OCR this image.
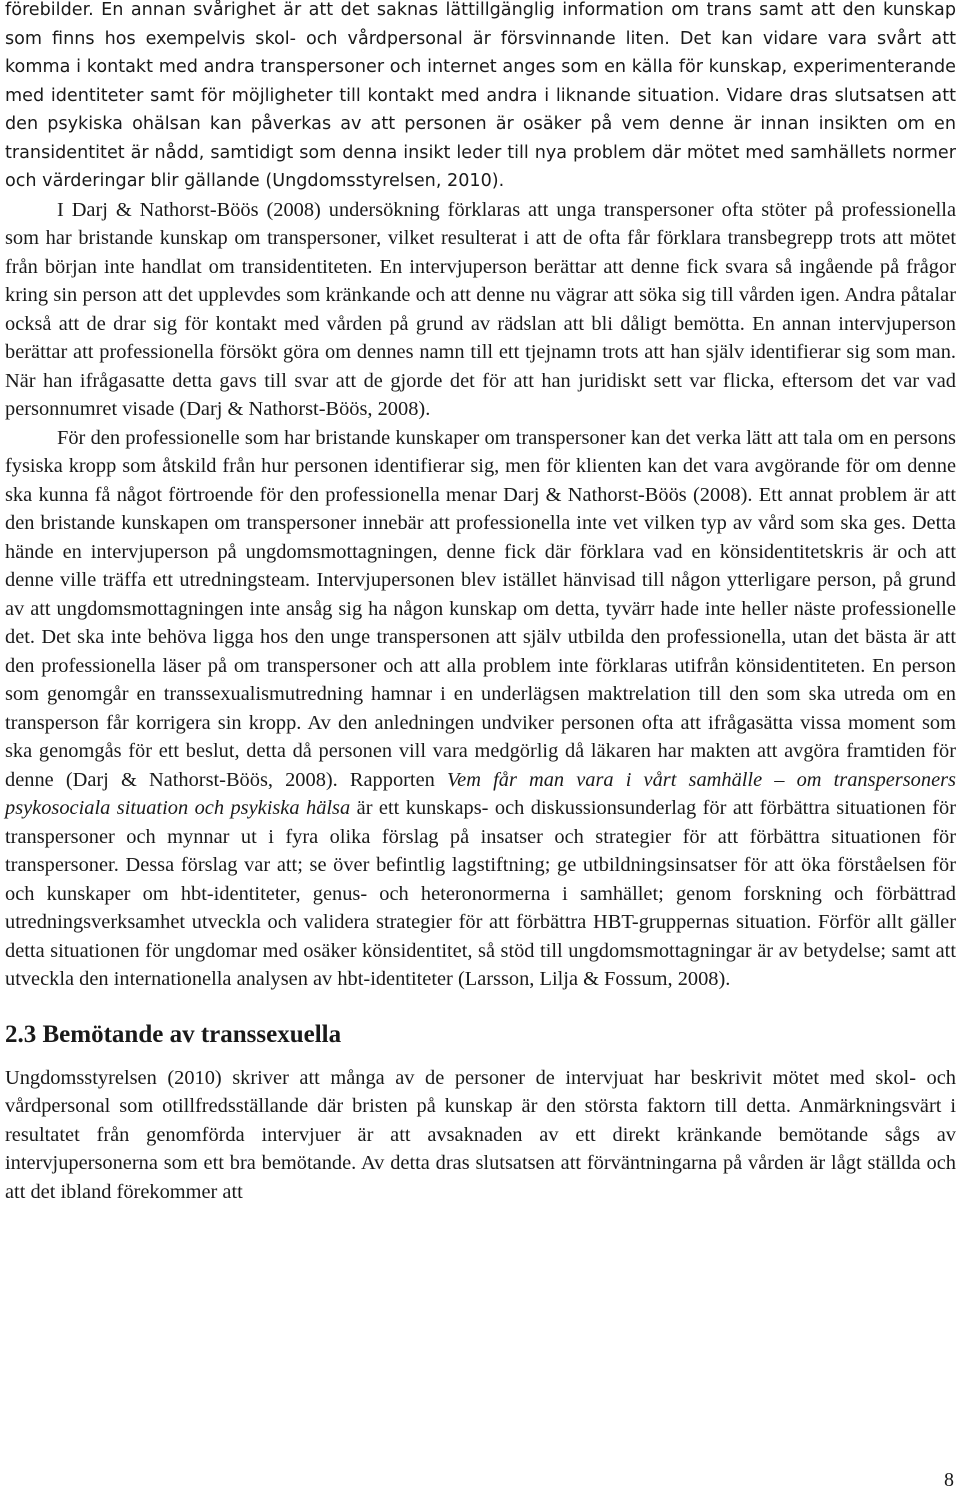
förebilder. En annan svårighet är att det saknas lättillgänglig information om trans samt att den kunskap som finns hos exempelvis skol- och vårdpersonal är försvinnande liten. Det kan vidare vara svårt att komma i kontakt med andra transpersoner och internet anges som en källa för kunskap, experimenterande med identiteter samt för möjligheter till kontakt med andra i liknande situation. Vidare dras slutsatsen att den psykiska ohälsan kan påverkas av att personen är osäker på vem denne är innan insikten om en transidentitet är nådd, samtidigt som denna insikt leder till nya problem där mötet med samhällets normer och värderingar blir gällande (Ungdomsstyrelsen, 2010).

I Darj & Nathorst-Böös (2008) undersökning förklaras att unga transpersoner ofta stöter på professionella som har bristande kunskap om transpersoner, vilket resulterat i att de ofta får förklara transbegrepp trots att mötet från början inte handlat om transidentiteten. En intervjuperson berättar att denne fick svara så ingående på frågor kring sin person att det upplevdes som kränkande och att denne nu vägrar att söka sig till vården igen. Andra påtalar också att de drar sig för kontakt med vården på grund av rädslan att bli dåligt bemötta. En annan intervjuperson berättar att professionella försökt göra om dennes namn till ett tjejnamn trots att han själv identifierar sig som man. När han ifrågasatte detta gavs till svar att de gjorde det för att han juridiskt sett var flicka, eftersom det var vad personnumret visade (Darj & Nathorst-Böös, 2008).

För den professionelle som har bristande kunskaper om transpersoner kan det verka lätt att tala om en persons fysiska kropp som åtskild från hur personen identifierar sig, men för klienten kan det vara avgörande för om denne ska kunna få något förtroende för den professionella menar Darj & Nathorst-Böös (2008). Ett annat problem är att den bristande kunskapen om transpersoner innebär att professionella inte vet vilken typ av vård som ska ges. Detta hände en intervjuperson på ungdomsmottagningen, denne fick där förklara vad en könsidentitetskris är och att denne ville träffa ett utredningsteam. Intervjupersonen blev istället hänvisad till någon ytterligare person, på grund av att ungdomsmottagningen inte ansåg sig ha någon kunskap om detta, tyvärr hade inte heller näste professionelle det. Det ska inte behöva ligga hos den unge transpersonen att själv utbilda den professionella, utan det bästa är att den professionella läser på om transpersoner och att alla problem inte förklaras utifrån könsidentiteten. En person som genomgår en transsexualismutredning hamnar i en underlägsen maktrelation till den som ska utreda om en transperson får korrigera sin kropp. Av den anledningen undviker personen ofta att ifrågasätta vissa moment som ska genomgås för ett beslut, detta då personen vill vara medgörlig då läkaren har makten att avgöra framtiden för denne (Darj & Nathorst-Böös, 2008). Rapporten Vem får man vara i vårt samhälle – om transpersoners psykosociala situation och psykiska hälsa är ett kunskaps- och diskussionsunderlag för att förbättra situationen för transpersoner och mynnar ut i fyra olika förslag på insatser och strategier för att förbättra situationen för transpersoner. Dessa förslag var att; se över befintlig lagstiftning; ge utbildningsinsatser för att öka förståelsen för och kunskaper om hbt-identiteter, genus- och heteronormerna i samhället; genom forskning och förbättrad utredningsverksamhet utveckla och validera strategier för att förbättra HBT-gruppernas situation. Förför allt gäller detta situationen för ungdomar med osäker könsidentitet, så stöd till ungdomsmottagningar är av betydelse; samt att utveckla den internationella analysen av hbt-identiteter (Larsson, Lilja & Fossum, 2008).

2.3 Bemötande av transsexuella

Ungdomsstyrelsen (2010) skriver att många av de personer de intervjuat har beskrivit mötet med skol- och vårdpersonal som otillfredsställande där bristen på kunskap är den största faktorn till detta. Anmärkningsvärt i resultatet från genomförda intervjuer är att avsaknaden av ett direkt kränkande bemötande sågs av intervjupersonerna som ett bra bemötande. Av detta dras slutsatsen att förväntningarna på vården är lågt ställda och att det ibland förekommer att

8
